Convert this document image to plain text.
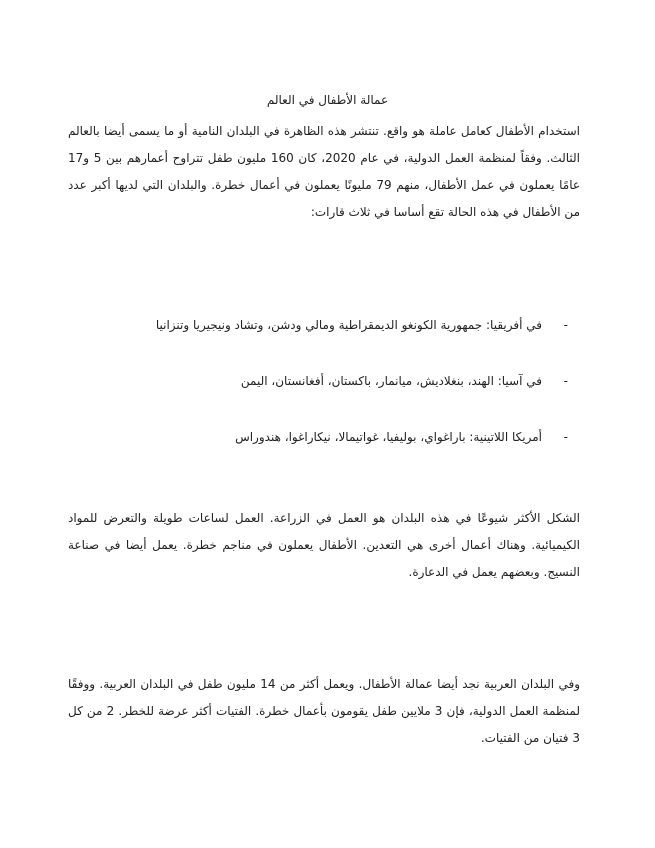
عمالة الأطفال في العالم
استخدام الأطفال كعامل عاملة هو واقع. تنتشر هذه الظاهرة في البلدان النامية أو ما يسمى أيضا بالعالم الثالث. وفقاً لمنظمة العمل الدولية، في عام 2020، كان 160 مليون طفل تتراوح أعمارهم بين 5 و17 عامًا يعملون في عمل الأطفال، منهم 79 مليونًا يعملون في أعمال خطرة. والبلدان التي لديها أكبر عدد من الأطفال في هذه الحالة تقع أساسا في ثلاث قارات:
- في أفريقيا: جمهورية الكونغو الديمقراطية ومالي ودشن، وتشاد ونيجيريا وتنزانيا
- في آسيا: الهند، بنغلاديش، ميانمار، باكستان، أفغانستان، اليمن
- أمريكا اللاتينية: باراغواي، بوليفيا، غواتيمالا، نيكاراغوا، هندوراس
الشكل الأكثر شيوعًا في هذه البلدان هو العمل في الزراعة. العمل لساعات طويلة والتعرض للمواد الكيميائية. وهناك أعمال أخرى هي التعدين. الأطفال يعملون في مناجم خطرة. يعمل أيضا في صناعة النسيج. وبعضهم يعمل في الدعارة.
وفي البلدان العربية نجد أيضا عمالة الأطفال. ويعمل أكثر من 14 مليون طفل في البلدان العربية. ووفقًا لمنظمة العمل الدولية، فإن 3 ملايين طفل يقومون بأعمال خطرة. الفتيات أكثر عرضة للخطر. 2 من كل 3 فتيان من الفتيات.
